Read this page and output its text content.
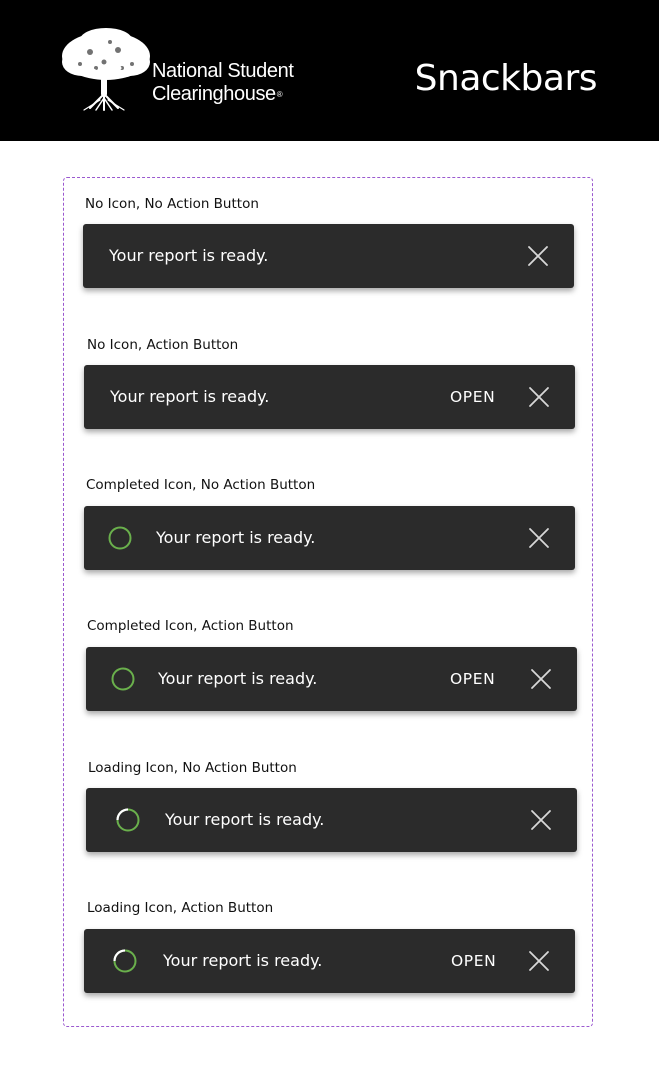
National Student
Clearinghouse®	Snackbars
No Icon, No Action Button
Your report is ready.
No Icon, Action Button
Your report is ready.	OPEN
Completed Icon, No Action Button
Your report is ready.
Completed Icon, Action Button
Your report is ready.	OPEN
Loading Icon, No Action Button
Your report is ready.
Loading Icon, Action Button
Your report is ready.	OPEN
